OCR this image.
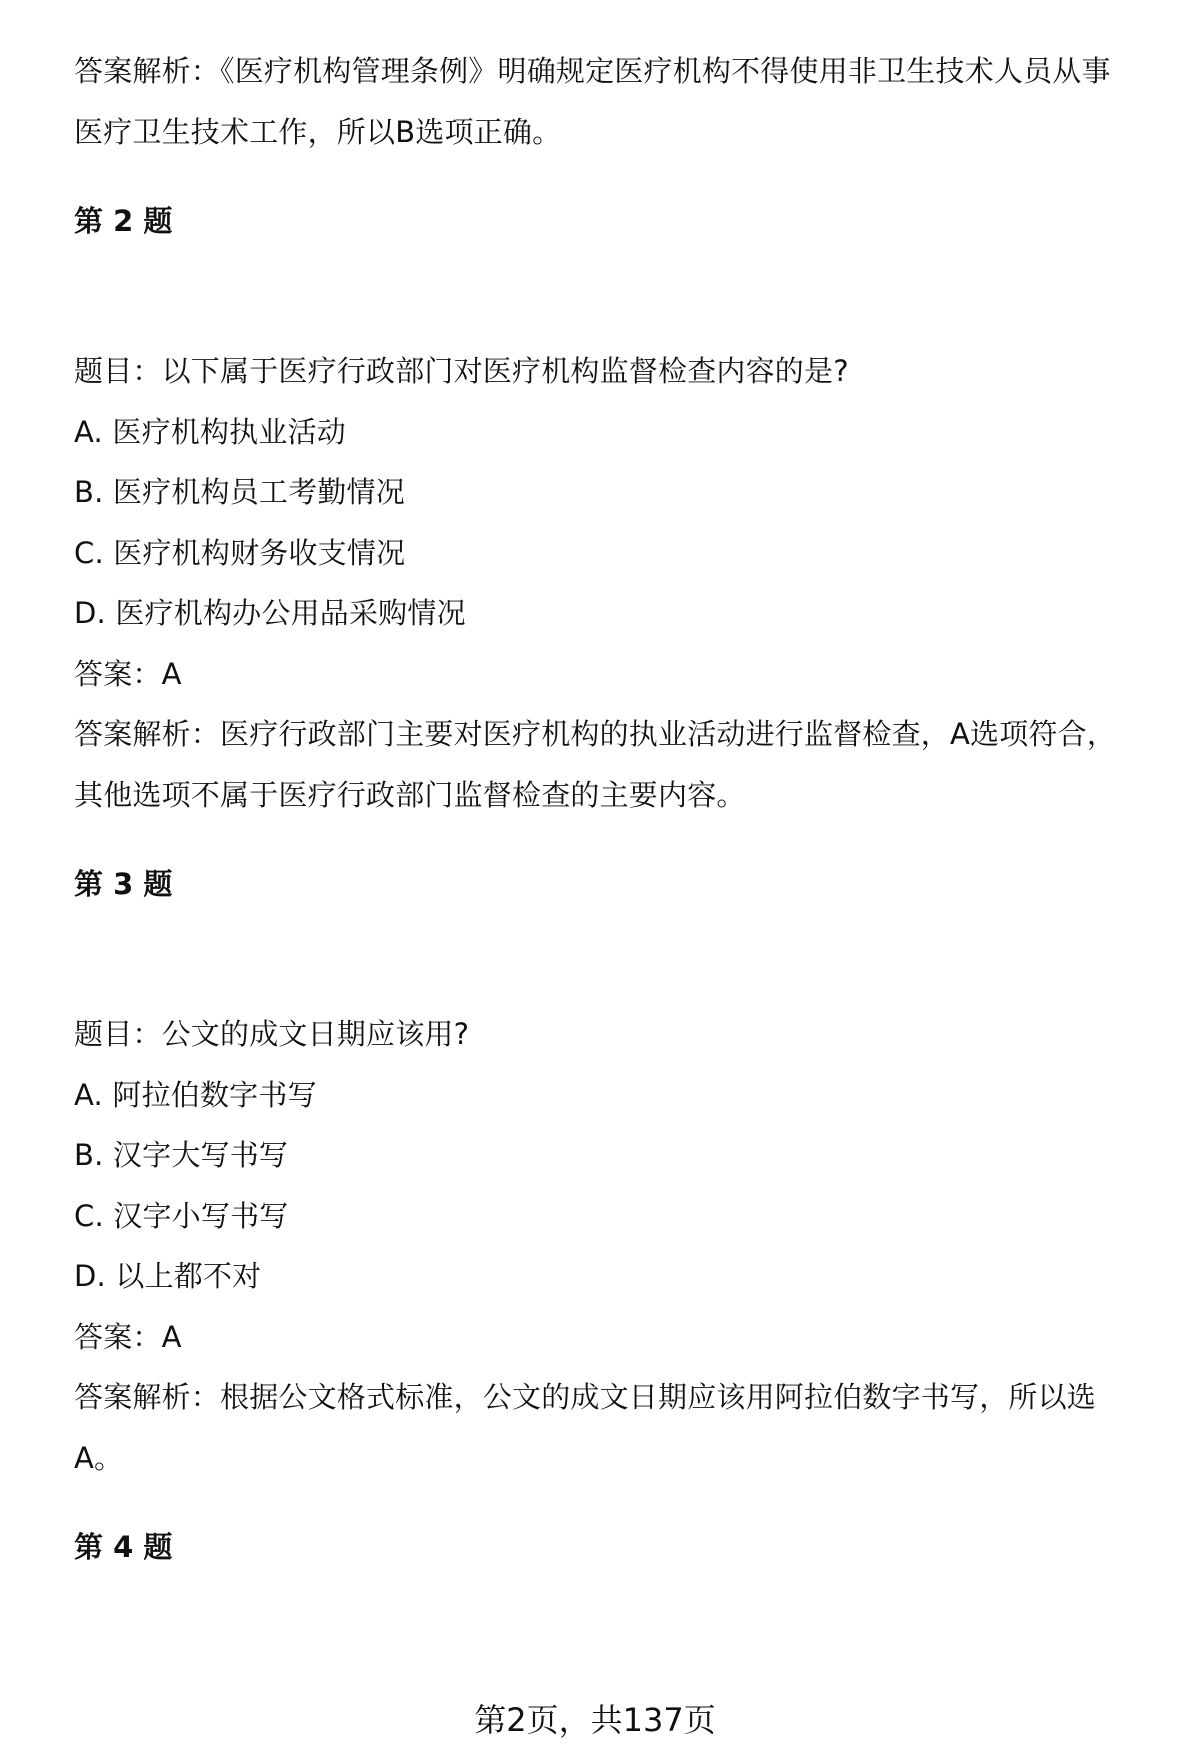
答案解析：《医疗机构管理条例》明确规定医疗机构不得使用非卫生技术人员从事
医疗卫生技术工作，所以B选项正确。
第 2 题
题目：以下属于医疗行政部门对医疗机构监督检查内容的是?
A. 医疗机构执业活动
B. 医疗机构员工考勤情况
C. 医疗机构财务收支情况
D. 医疗机构办公用品采购情况
答案：A
答案解析：医疗行政部门主要对医疗机构的执业活动进行监督检查，A选项符合，
其他选项不属于医疗行政部门监督检查的主要内容。
第 3 题
题目：公文的成文日期应该用?
A. 阿拉伯数字书写
B. 汉字大写书写
C. 汉字小写书写
D. 以上都不对
答案：A
答案解析：根据公文格式标准，公文的成文日期应该用阿拉伯数字书写，所以选
A。
第 4 题
第2页，共137页
